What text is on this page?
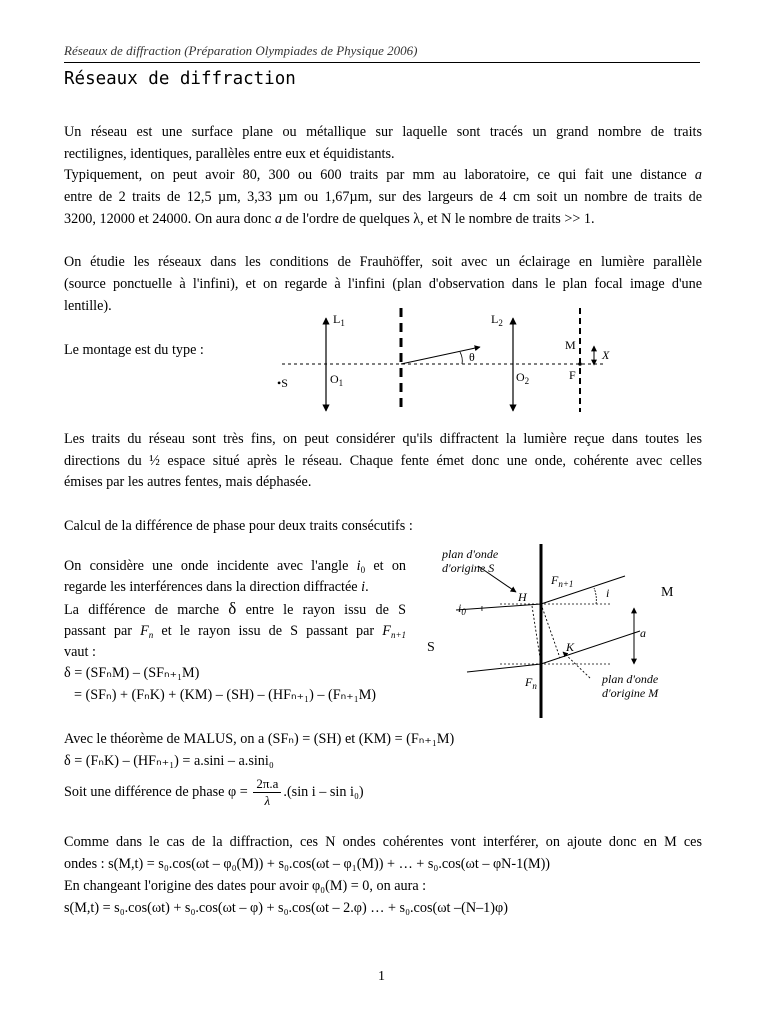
Réseaux de diffraction (Préparation Olympiades de Physique 2006)
Réseaux de diffraction
Un réseau est une surface plane ou métallique sur laquelle sont tracés un grand nombre de traits
rectilignes, identiques, parallèles entre eux et équidistants.
Typiquement, on peut avoir 80, 300 ou 600 traits par mm au laboratoire, ce qui fait une distance a
entre de 2 traits de 12,5 µm, 3,33 µm ou 1,67µm, sur des largeurs de 4 cm soit un nombre de traits de
3200, 12000 et 24000. On aura donc a de l'ordre de quelques λ, et N le nombre de traits >> 1.
On étudie les réseaux dans les conditions de Frauhöffer, soit avec un éclairage en lumière parallèle
(source ponctuelle à l'infini), et on regarde à l'infini (plan d'observation dans le plan focal image d'une
lentille).
Le montage est du type :
$L_1$	$L_2$
$O_1$	$O_2$
•S
M
F
X
θ
Les traits du réseau sont très fins, on peut considérer qu'ils diffractent la lumière reçue dans toutes les
directions du ½ espace situé après le réseau. Chaque fente émet donc une onde, cohérente avec celles
émises par les autres fentes, mais déphasée.
Calcul de la différence de phase pour deux traits consécutifs :
On considère une onde incidente avec l'angle $i_0$ et on
regarde les interférences dans la direction diffractée i.
La différence de marche δ entre le rayon issu de S
passant par $F_n$ et le rayon issu de S passant par $F_{n+1}$
vaut :
δ = (SFₙM) – (SFₙ₊₁M)
= (SFₙ) + (FₙK) + (KM) – (SH) – (HFₙ₊₁) – (Fₙ₊₁M)
plan d'onde
d'origine S
plan d'onde
d'origine M
$F_{n+1}$
$F_n$
H
K
i
$i_0$
a
M
S
Avec le théorème de MALUS, on a (SFₙ) = (SH) et (KM) = (Fₙ₊₁M)
δ = (FₙK) – (HFₙ₊₁) = a.sini – a.sini₀
Soit une différence de phase $\varphi = \frac{2\pi.a}{\lambda} .(\sin$ i – sin i₀)
Comme dans le cas de la diffraction, ces N ondes cohérentes vont interférer, on ajoute donc en M ces
ondes : s(M,t) = s₀.cos(ωt – φ₀(M)) + s₀.cos(ωt – φ₁(M)) + … + s₀.cos(ωt – φN-1(M))
En changeant l'origine des dates pour avoir φ₀(M) = 0, on aura :
s(M,t) = s₀.cos(ωt) + s₀.cos(ωt – φ) + s₀.cos(ωt – 2.φ) … + s₀.cos(ωt –(N–1)φ)
1
